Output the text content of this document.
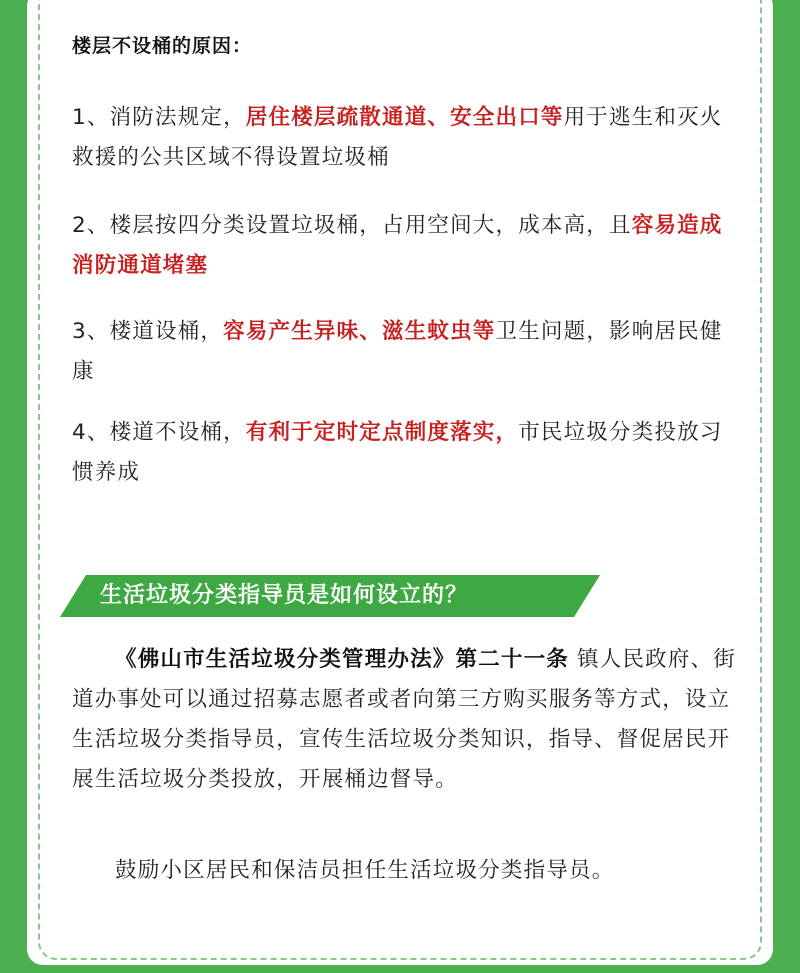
楼层不设桶的原因：
1、消防法规定，居住楼层疏散通道、安全出口等用于逃生和灭火救援的公共区域不得设置垃圾桶
2、楼层按四分类设置垃圾桶，占用空间大，成本高，且容易造成消防通道堵塞
3、楼道设桶，容易产生异味、滋生蚊虫等卫生问题，影响居民健康
4、楼道不设桶，有利于定时定点制度落实，市民垃圾分类投放习惯养成
生活垃圾分类指导员是如何设立的？
《佛山市生活垃圾分类管理办法》第二十一条 镇人民政府、街道办事处可以通过招募志愿者或者向第三方购买服务等方式，设立生活垃圾分类指导员，宣传生活垃圾分类知识，指导、督促居民开展生活垃圾分类投放，开展桶边督导。
鼓励小区居民和保洁员担任生活垃圾分类指导员。
